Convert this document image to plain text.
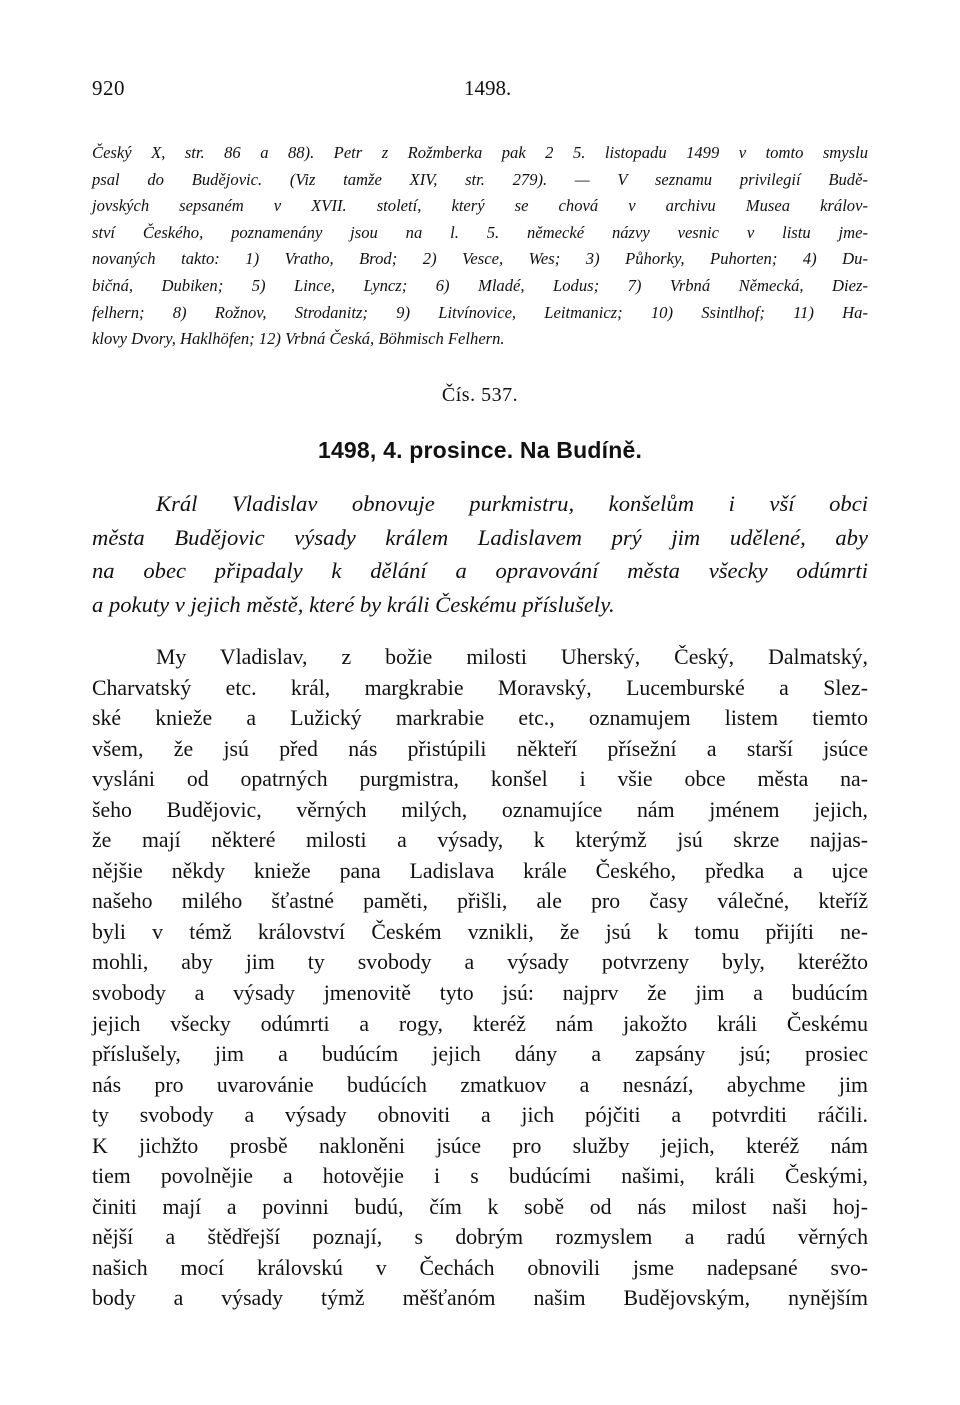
920	1498.
Český X, str. 86 a 88). Petr z Rožmberka pak 2 5. listopadu 1499 v tomto smyslu
psal do Budějovic. (Viz tamže XIV, str. 279). — V seznamu privilegií Budě-
jovských sepsaném v XVII. století, který se chová v archivu Musea králov-
ství Českého, poznamenány jsou na l. 5. německé názvy vesnic v listu jme-
novaných takto: 1) Vratho, Brod; 2) Vesce, Wes; 3) Půhorky, Puhorten; 4) Du-
bičná, Dubiken; 5) Lince, Lyncz; 6) Mladé, Lodus; 7) Vrbná Německá, Diez-
felhern; 8) Rožnov, Strodanitz; 9) Litvínovice, Leitmanicz; 10) Ssintlhof; 11) Ha-
klovy Dvory, Haklhöfen; 12) Vrbná Česká, Böhmisch Felhern.
Čís. 537.
1498, 4. prosince. Na Budíně.
Král Vladislav obnovuje purkmistru, konšelům i vší obci
města Budějovic výsady králem Ladislavem prý jim udělené, aby
na obec připadaly k dělání a opravování města všecky odúmrti
a pokuty v jejich městě, které by králi Českému příslušely.
My Vladislav, z božie milosti Uherský, Český, Dalmatský,
Charvatský etc. král, margkrabie Moravský, Lucemburské a Slez-
ské knieže a Lužický markrabie etc., oznamujem listem tiemto
všem, že jsú před nás přistúpili někteří přísežní a starší jsúce
vysláni od opatrných purgmistra, konšel i všie obce města na-
šeho Budějovic, věrných milých, oznamujíce nám jménem jejich,
že mají některé milosti a výsady, k kterýmž jsú skrze najjas-
nějšie někdy knieže pana Ladislava krále Českého, předka a ujce
našeho milého šťastné paměti, přišli, ale pro časy válečné, kteříž
byli v témž království Českém vznikli, že jsú k tomu přijíti ne-
mohli, aby jim ty svobody a výsady potvrzeny byly, kteréžto
svobody a výsady jmenovitě tyto jsú: najprv že jim a budúcím
jejich všecky odúmrti a rogy, kteréž nám jakožto králi Českému
příslušely, jim a budúcím jejich dány a zapsány jsú; prosiec
nás pro uvarovánie budúcích zmatkuov a nesnází, abychme jim
ty svobody a výsady obnoviti a jich pójčiti a potvrditi ráčili.
K jichžto prosbě nakloněni jsúce pro služby jejich, kteréž nám
tiem povolnějie a hotovějie i s budúcími našimi, králi Českými,
činiti mají a povinni budú, čím k sobě od nás milost naši hoj-
nější a štědřejší poznají, s dobrým rozmyslem a radú věrných
našich mocí královskú v Čechách obnovili jsme nadepsané svo-
body a výsady týmž měšťanóm našim Budějovským, nynějším
